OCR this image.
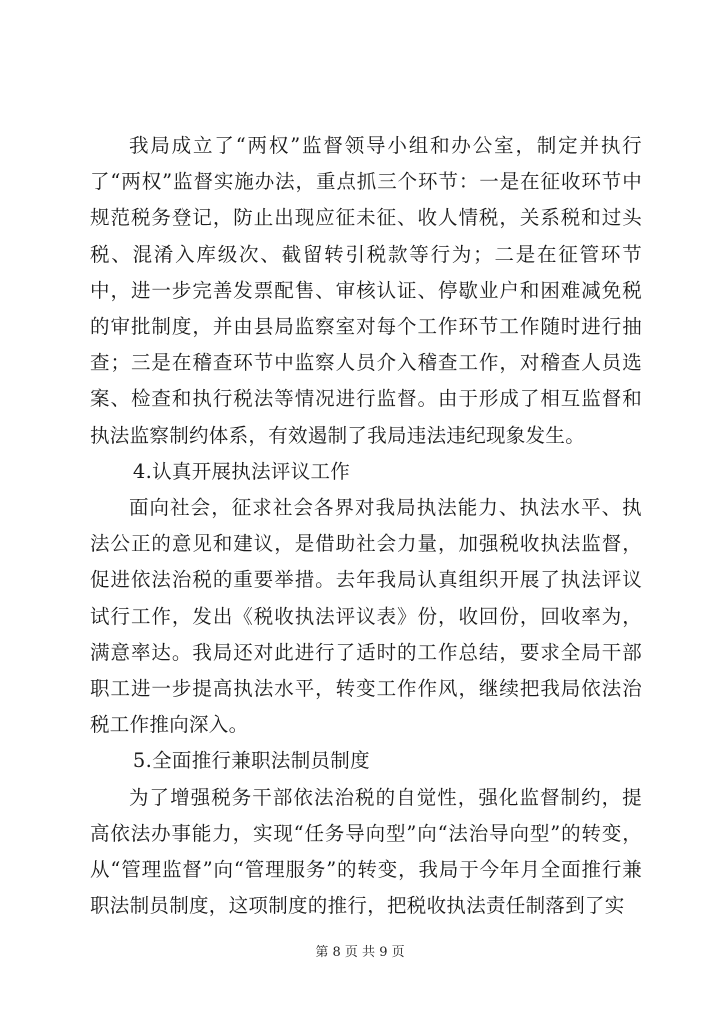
我局成立了“两权”监督领导小组和办公室，制定并执行了“两权”监督实施办法，重点抓三个环节：一是在征收环节中规范税务登记，防止出现应征未征、收人情税，关系税和过头税、混淆入库级次、截留转引税款等行为；二是在征管环节中，进一步完善发票配售、审核认证、停歇业户和困难减免税的审批制度，并由县局监察室对每个工作环节工作随时进行抽查；三是在稽查环节中监察人员介入稽查工作，对稽查人员选案、检查和执行税法等情况进行监督。由于形成了相互监督和执法监察制约体系，有效遏制了我局违法违纪现象发生。

4.认真开展执法评议工作

面向社会，征求社会各界对我局执法能力、执法水平、执法公正的意见和建议，是借助社会力量，加强税收执法监督，促进依法治税的重要举措。去年我局认真组织开展了执法评议试行工作，发出《税收执法评议表》份，收回份，回收率为，满意率达。我局还对此进行了适时的工作总结，要求全局干部职工进一步提高执法水平，转变工作作风，继续把我局依法治税工作推向深入。

5.全面推行兼职法制员制度

为了增强税务干部依法治税的自觉性，强化监督制约，提高依法办事能力，实现“任务导向型”向“法治导向型”的转变，从“管理监督”向“管理服务”的转变，我局于今年月全面推行兼职法制员制度，这项制度的推行，把税收执法责任制落到了实

第 8 页 共 9 页
